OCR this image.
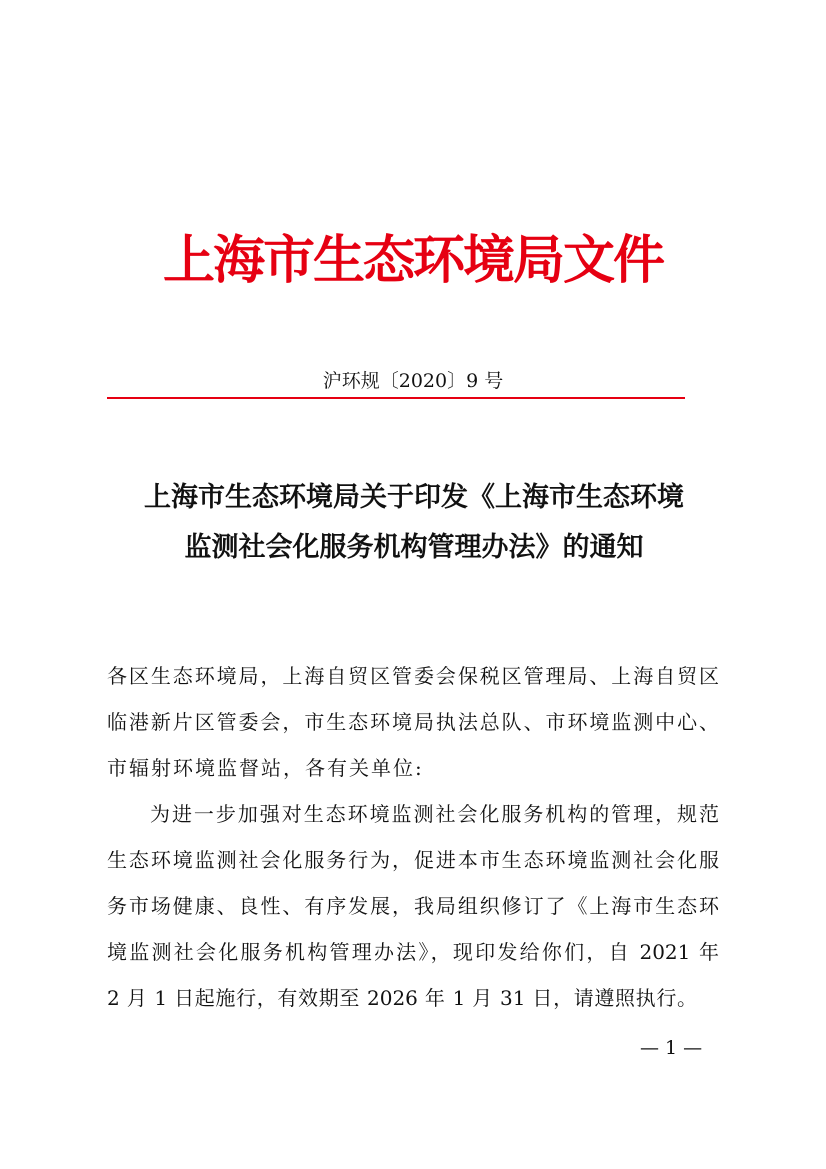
上海市生态环境局文件
沪环规〔2020〕9 号
上海市生态环境局关于印发《上海市生态环境
监测社会化服务机构管理办法》的通知
各区生态环境局，上海自贸区管委会保税区管理局、上海自贸区
临港新片区管委会，市生态环境局执法总队、市环境监测中心、
市辐射环境监督站，各有关单位:
为进一步加强对生态环境监测社会化服务机构的管理，规范
生态环境监测社会化服务行为，促进本市生态环境监测社会化服
务市场健康、良性、有序发展，我局组织修订了《上海市生态环
境监测社会化服务机构管理办法》，现印发给你们，自 2021 年
2 月 1 日起施行，有效期至 2026 年 1 月 31 日，请遵照执行。
— 1 —
